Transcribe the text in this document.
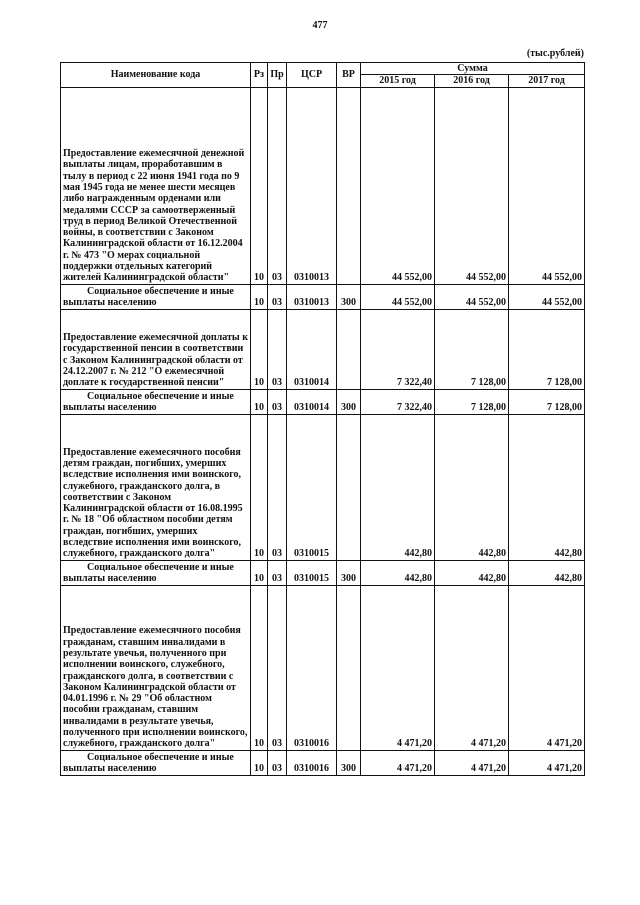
477
(тыс.рублей)
Наименование кода	Рз	Пр	ЦСР	ВР	Сумма		
					2015 год	2016 год	2017 год
Предоставление ежемесячной денежной выплаты лицам, проработавшим в тылу в период с 22 июня 1941 года по 9 мая 1945 года не менее шести месяцев либо награжденным орденами или медалями СССР за самоотверженный труд в период Великой Отечественной войны, в соответствии с Законом Калининградской области от 16.12.2004 г. № 473 "О мерах социальной поддержки отдельных категорий жителей Калининградской области"	10	03	0310013		44 552,00	44 552,00	44 552,00
Социальное обеспечение и иные выплаты населению	10	03	0310013	300	44 552,00	44 552,00	44 552,00
Предоставление ежемесячной доплаты к государственной пенсии в соответствии с Законом Калининградской области от 24.12.2007 г. № 212 "О ежемесячной доплате к государственной пенсии"	10	03	0310014		7 322,40	7 128,00	7 128,00
Социальное обеспечение и иные выплаты населению	10	03	0310014	300	7 322,40	7 128,00	7 128,00
Предоставление ежемесячного пособия детям граждан, погибших, умерших вследствие исполнения ими воинского, служебного, гражданского долга, в соответствии с Законом Калининградской области от 16.08.1995 г. № 18 "Об областном пособии детям граждан, погибших, умерших вследствие исполнения ими воинского, служебного, гражданского долга"	10	03	0310015		442,80	442,80	442,80
Социальное обеспечение и иные выплаты населению	10	03	0310015	300	442,80	442,80	442,80
Предоставление ежемесячного пособия гражданам, ставшим инвалидами в результате увечья, полученного при исполнении воинского, служебного, гражданского долга, в соответствии с Законом Калининградской области от 04.01.1996 г. № 29 "Об областном пособии гражданам, ставшим инвалидами в результате увечья, полученного при исполнении воинского, служебного, гражданского долга"	10	03	0310016		4 471,20	4 471,20	4 471,20
Социальное обеспечение и иные выплаты населению	10	03	0310016	300	4 471,20	4 471,20	4 471,20
